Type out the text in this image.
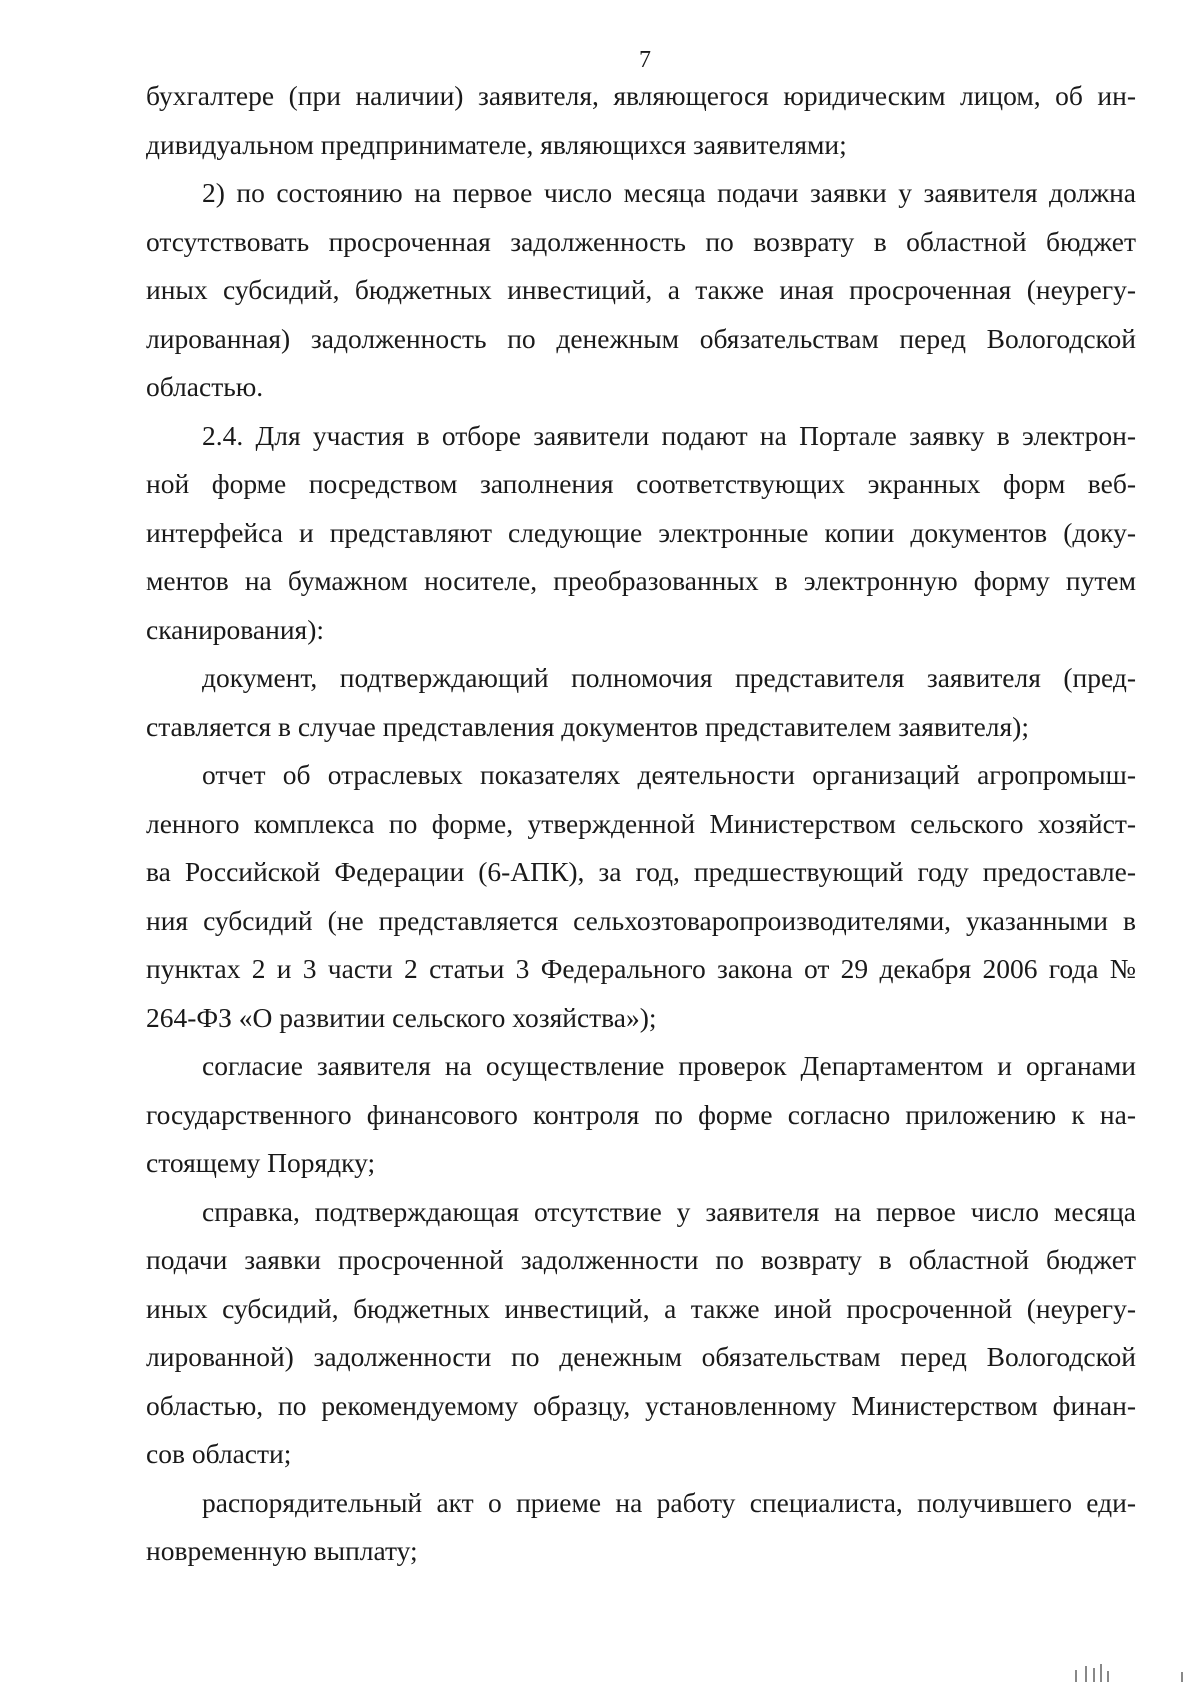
7
бухгалтере (при наличии) заявителя, являющегося юридическим лицом, об ин-
дивидуальном предпринимателе, являющихся заявителями;
2) по состоянию на первое число месяца подачи заявки у заявителя должна
отсутствовать просроченная задолженность по возврату в областной бюджет
иных субсидий, бюджетных инвестиций, а также иная просроченная (неурегу-
лированная) задолженность по денежным обязательствам перед Вологодской
областью.
2.4. Для участия в отборе заявители подают на Портале заявку в электрон-
ной форме посредством заполнения соответствующих экранных форм веб-
интерфейса и представляют следующие электронные копии документов (доку-
ментов на бумажном носителе, преобразованных в электронную форму путем
сканирования):
документ, подтверждающий полномочия представителя заявителя (пред-
ставляется в случае представления документов представителем заявителя);
отчет об отраслевых показателях деятельности организаций агропромыш-
ленного комплекса по форме, утвержденной Министерством сельского хозяйст-
ва Российской Федерации (6-АПК), за год, предшествующий году предоставле-
ния субсидий (не представляется сельхозтоваропроизводителями, указанными в
пунктах 2 и 3 части 2 статьи 3 Федерального закона от 29 декабря 2006 года №
264-ФЗ «О развитии сельского хозяйства»);
согласие заявителя на осуществление проверок Департаментом и органами
государственного финансового контроля по форме согласно приложению к на-
стоящему Порядку;
справка, подтверждающая отсутствие у заявителя на первое число месяца
подачи заявки просроченной задолженности по возврату в областной бюджет
иных субсидий, бюджетных инвестиций, а также иной просроченной (неурегу-
лированной) задолженности по денежным обязательствам перед Вологодской
областью, по рекомендуемому образцу, установленному Министерством финан-
сов области;
распорядительный акт о приеме на работу специалиста, получившего еди-
новременную выплату;
